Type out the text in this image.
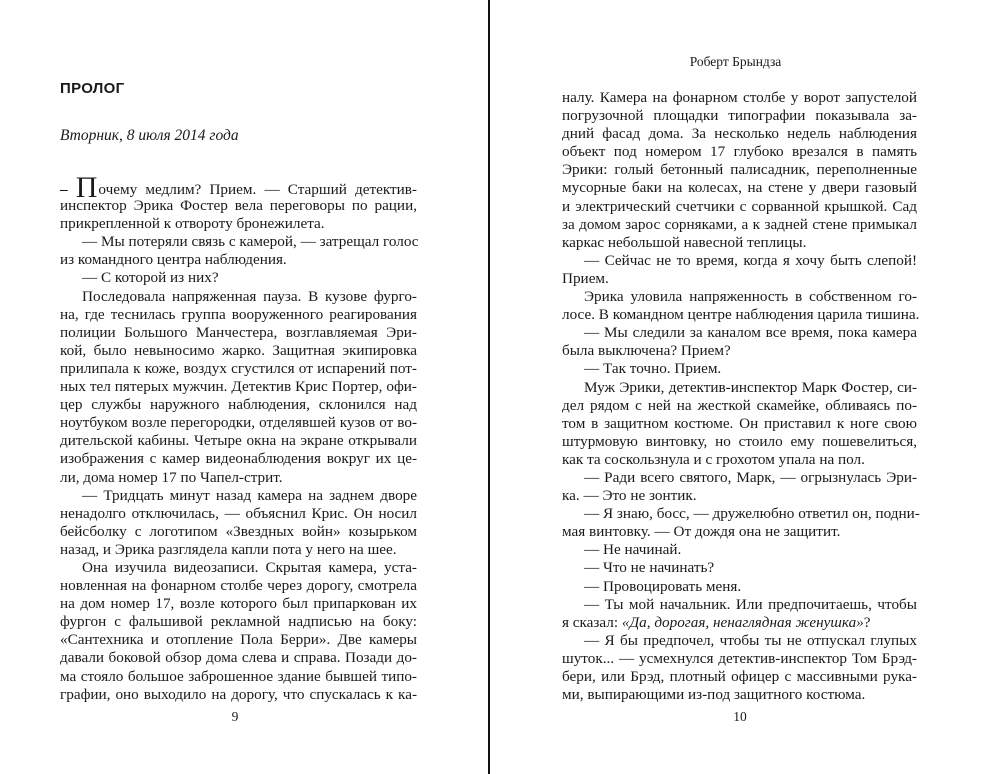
ПРОЛОГ
Вторник, 8 июля 2014 года
– Почему медлим? Прием. — Старший детектив-
инспектор Эрика Фостер вела переговоры по рации,
прикрепленной к отвороту бронежилета.
— Мы потеряли связь с камерой, — затрещал голос
из командного центра наблюдения.
— С которой из них?
Последовала напряженная пауза. В кузове фурго-
на, где теснилась группа вооруженного реагирования
полиции Большого Манчестера, возглавляемая Эри-
кой, было невыносимо жарко. Защитная экипировка
прилипала к коже, воздух сгустился от испарений пот-
ных тел пятерых мужчин. Детектив Крис Портер, офи-
цер службы наружного наблюдения, склонился над
ноутбуком возле перегородки, отделявшей кузов от во-
дительской кабины. Четыре окна на экране открывали
изображения с камер видеонаблюдения вокруг их це-
ли, дома номер 17 по Чапел-стрит.
— Тридцать минут назад камера на заднем дворе
ненадолго отключилась, — объяснил Крис. Он носил
бейсболку с логотипом «Звездных войн» козырьком
назад, и Эрика разглядела капли пота у него на шее.
Она изучила видеозаписи. Скрытая камера, уста-
новленная на фонарном столбе через дорогу, смотрела
на дом номер 17, возле которого был припаркован их
фургон с фальшивой рекламной надписью на боку:
«Сантехника и отопление Пола Берри». Две камеры
давали боковой обзор дома слева и справа. Позади до-
ма стояло большое заброшенное здание бывшей типо-
графии, оно выходило на дорогу, что спускалась к ка-
9
Роберт Брындза
налу. Камера на фонарном столбе у ворот запустелой
погрузочной площадки типографии показывала за-
дний фасад дома. За несколько недель наблюдения
объект под номером 17 глубоко врезался в память
Эрики: голый бетонный палисадник, переполненные
мусорные баки на колесах, на стене у двери газовый
и электрический счетчики с сорванной крышкой. Сад
за домом зарос сорняками, а к задней стене примыкал
каркас небольшой навесной теплицы.
— Сейчас не то время, когда я хочу быть слепой!
Прием.
Эрика уловила напряженность в собственном го-
лосе. В командном центре наблюдения царила тишина.
— Мы следили за каналом все время, пока камера
была выключена? Прием?
— Так точно. Прием.
Муж Эрики, детектив-инспектор Марк Фостер, си-
дел рядом с ней на жесткой скамейке, обливаясь по-
том в защитном костюме. Он приставил к ноге свою
штурмовую винтовку, но стоило ему пошевелиться,
как та соскользнула и с грохотом упала на пол.
— Ради всего святого, Марк, — огрызнулась Эри-
ка. — Это не зонтик.
— Я знаю, босс, — дружелюбно ответил он, подни-
мая винтовку. — От дождя она не защитит.
— Не начинай.
— Что не начинать?
— Провоцировать меня.
— Ты мой начальник. Или предпочитаешь, чтобы
я сказал: «Да, дорогая, ненаглядная женушка»?
— Я бы предпочел, чтобы ты не отпускал глупых
шуток... — усмехнулся детектив-инспектор Том Брэд-
бери, или Брэд, плотный офицер с массивными рука-
ми, выпирающими из-под защитного костюма.
10
